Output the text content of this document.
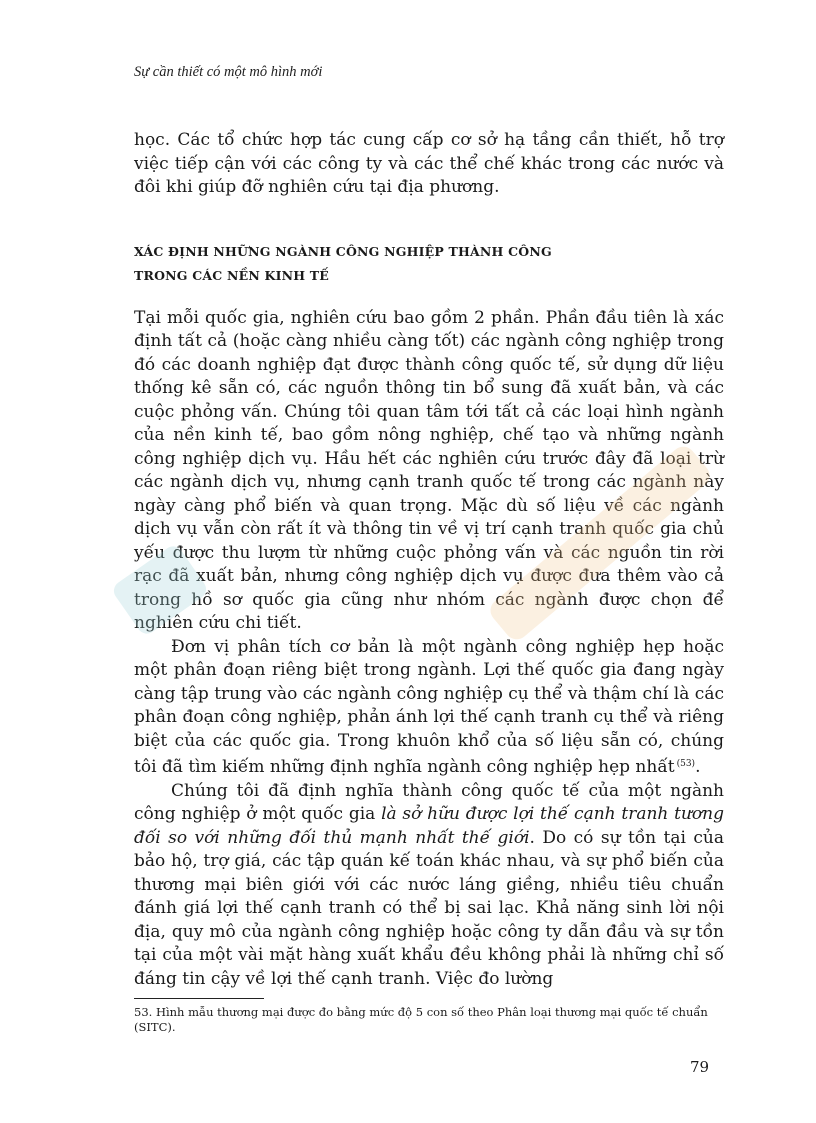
Sự cần thiết có một mô hình mới

học. Các tổ chức hợp tác cung cấp cơ sở hạ tầng cần thiết, hỗ trợ việc tiếp cận với các công ty và các thể chế khác trong các nước và đôi khi giúp đỡ nghiên cứu tại địa phương.

XÁC ĐỊNH NHỮNG NGÀNH CÔNG NGHIỆP THÀNH CÔNG
TRONG CÁC NỀN KINH TẾ

Tại mỗi quốc gia, nghiên cứu bao gồm 2 phần. Phần đầu tiên là xác định tất cả (hoặc càng nhiều càng tốt) các ngành công nghiệp trong đó các doanh nghiệp đạt được thành công quốc tế, sử dụng dữ liệu thống kê sẵn có, các nguồn thông tin bổ sung đã xuất bản, và các cuộc phỏng vấn. Chúng tôi quan tâm tới tất cả các loại hình ngành của nền kinh tế, bao gồm nông nghiệp, chế tạo và những ngành công nghiệp dịch vụ. Hầu hết các nghiên cứu trước đây đã loại trừ các ngành dịch vụ, nhưng cạnh tranh quốc tế trong các ngành này ngày càng phổ biến và quan trọng. Mặc dù số liệu về các ngành dịch vụ vẫn còn rất ít và thông tin về vị trí cạnh tranh quốc gia chủ yếu được thu lượm từ những cuộc phỏng vấn và các nguồn tin rời rạc đã xuất bản, nhưng công nghiệp dịch vụ được đưa thêm vào cả trong hồ sơ quốc gia cũng như nhóm các ngành được chọn để nghiên cứu chi tiết.

Đơn vị phân tích cơ bản là một ngành công nghiệp hẹp hoặc một phân đoạn riêng biệt trong ngành. Lợi thế quốc gia đang ngày càng tập trung vào các ngành công nghiệp cụ thể và thậm chí là các phân đoạn công nghiệp, phản ánh lợi thế cạnh tranh cụ thể và riêng biệt của các quốc gia. Trong khuôn khổ của số liệu sẵn có, chúng tôi đã tìm kiếm những định nghĩa ngành công nghiệp hẹp nhất $^{(53)}$.

Chúng tôi đã định nghĩa thành công quốc tế của một ngành công nghiệp ở một quốc gia là sở hữu được lợi thế cạnh tranh tương đối so với những đối thủ mạnh nhất thế giới. Do có sự tồn tại của bảo hộ, trợ giá, các tập quán kế toán khác nhau, và sự phổ biến của thương mại biên giới với các nước láng giềng, nhiều tiêu chuẩn đánh giá lợi thế cạnh tranh có thể bị sai lạc. Khả năng sinh lời nội địa, quy mô của ngành công nghiệp hoặc công ty dẫn đầu và sự tồn tại của một vài mặt hàng xuất khẩu đều không phải là những chỉ số đáng tin cậy về lợi thế cạnh tranh. Việc đo lường

53. Hình mẫu thương mại được đo bằng mức độ 5 con số theo Phân loại thương mại quốc tế chuẩn (SITC).
79
